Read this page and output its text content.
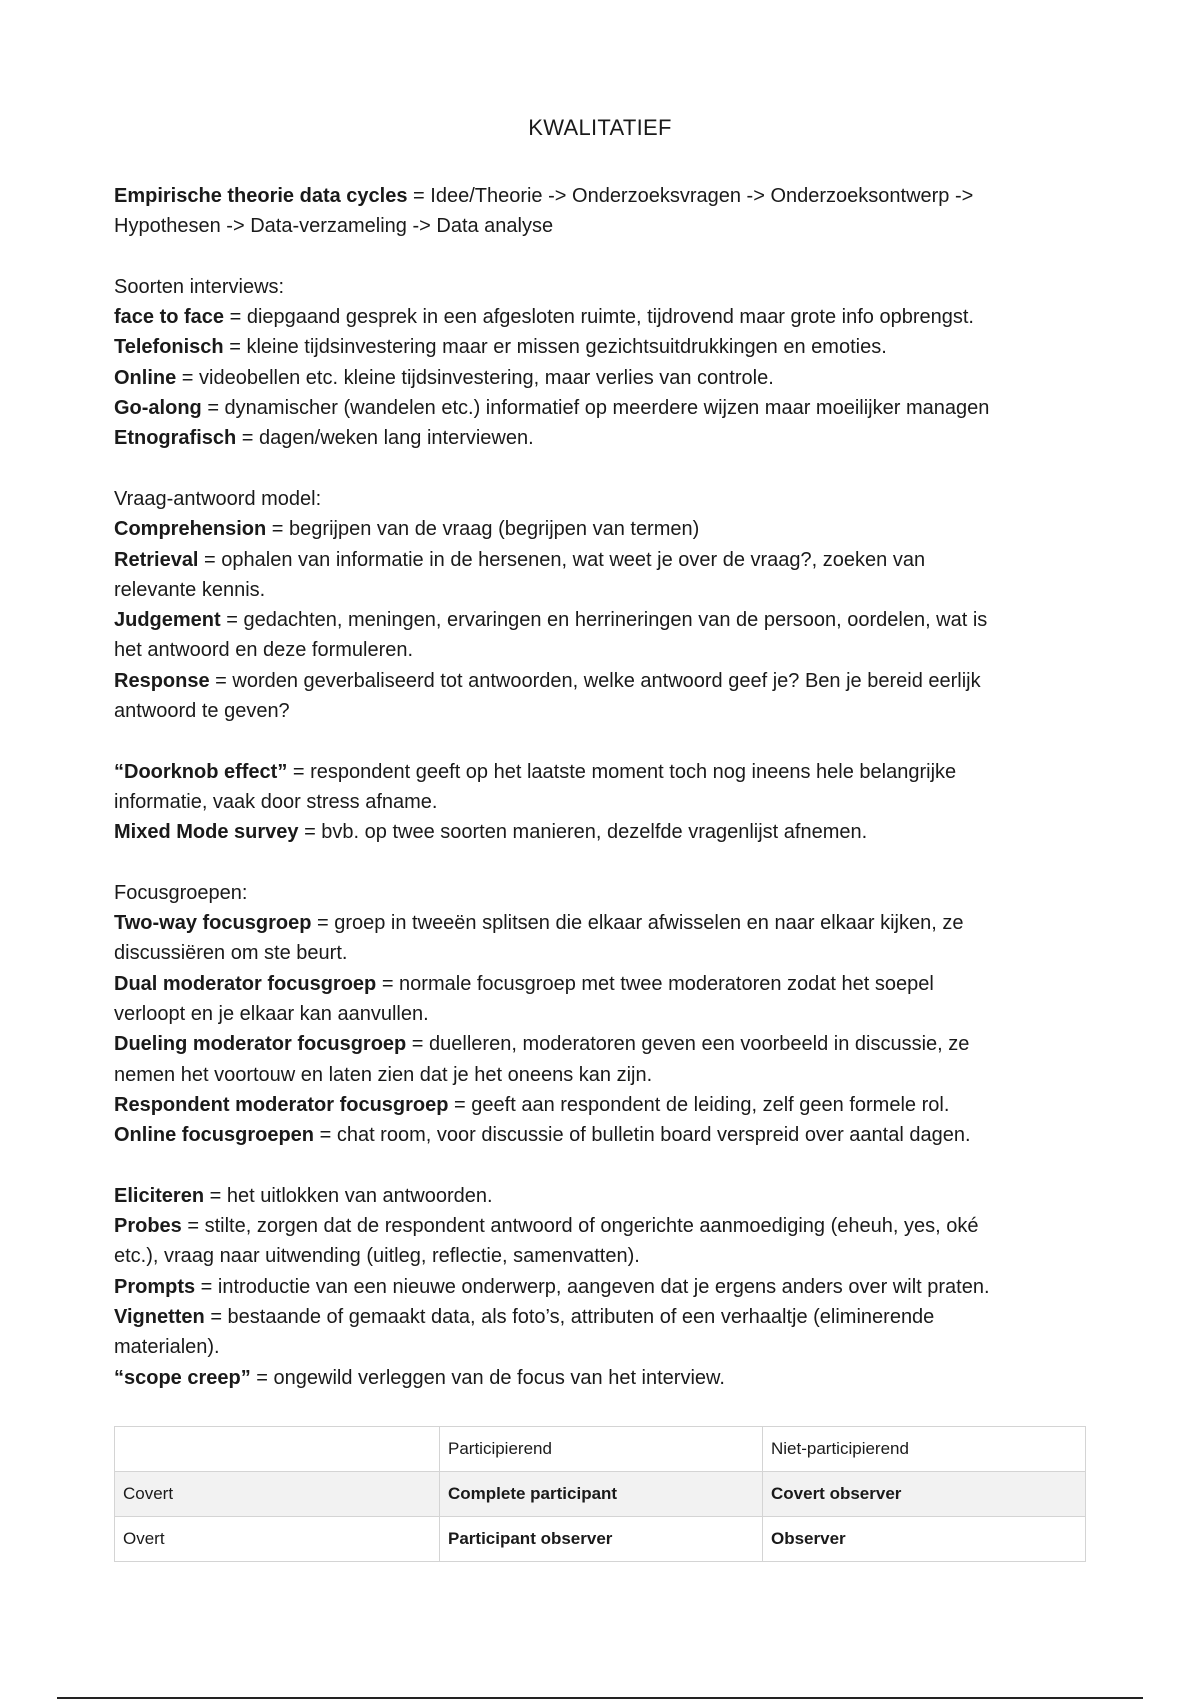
KWALITATIEF
Empirische theorie data cycles = Idee/Theorie -> Onderzoeksvragen -> Onderzoeksontwerp ->
Hypothesen -> Data-verzameling -> Data analyse
Soorten interviews:
face to face = diepgaand gesprek in een afgesloten ruimte, tijdrovend maar grote info opbrengst.
Telefonisch = kleine tijdsinvestering maar er missen gezichtsuitdrukkingen en emoties.
Online = videobellen etc. kleine tijdsinvestering, maar verlies van controle.
Go-along = dynamischer (wandelen etc.) informatief op meerdere wijzen maar moeilijker managen
Etnografisch = dagen/weken lang interviewen.
Vraag-antwoord model:
Comprehension = begrijpen van de vraag (begrijpen van termen)
Retrieval = ophalen van informatie in de hersenen, wat weet je over de vraag?, zoeken van
relevante kennis.
Judgement = gedachten, meningen, ervaringen en herrineringen van de persoon, oordelen, wat is
het antwoord en deze formuleren.
Response = worden geverbaliseerd tot antwoorden, welke antwoord geef je? Ben je bereid eerlijk
antwoord te geven?
“Doorknob effect” = respondent geeft op het laatste moment toch nog ineens hele belangrijke
informatie, vaak door stress afname.
Mixed Mode survey = bvb. op twee soorten manieren, dezelfde vragenlijst afnemen.
Focusgroepen:
Two-way focusgroep = groep in tweeën splitsen die elkaar afwisselen en naar elkaar kijken, ze
discussiëren om ste beurt.
Dual moderator focusgroep = normale focusgroep met twee moderatoren zodat het soepel
verloopt en je elkaar kan aanvullen.
Dueling moderator focusgroep = duelleren, moderatoren geven een voorbeeld in discussie, ze
nemen het voortouw en laten zien dat je het oneens kan zijn.
Respondent moderator focusgroep = geeft aan respondent de leiding, zelf geen formele rol.
Online focusgroepen = chat room, voor discussie of bulletin board verspreid over aantal dagen.
Eliciteren = het uitlokken van antwoorden.
Probes = stilte, zorgen dat de respondent antwoord of ongerichte aanmoediging (eheuh, yes, oké
etc.), vraag naar uitwending (uitleg, reflectie, samenvatten).
Prompts = introductie van een nieuwe onderwerp, aangeven dat je ergens anders over wilt praten.
Vignetten = bestaande of gemaakt data, als foto’s, attributen of een verhaaltje (eliminerende
materialen).
“scope creep” = ongewild verleggen van de focus van het interview.
	Participierend	Niet-participierend
Covert	Complete participant	Covert observer
Overt	Participant observer	Observer
